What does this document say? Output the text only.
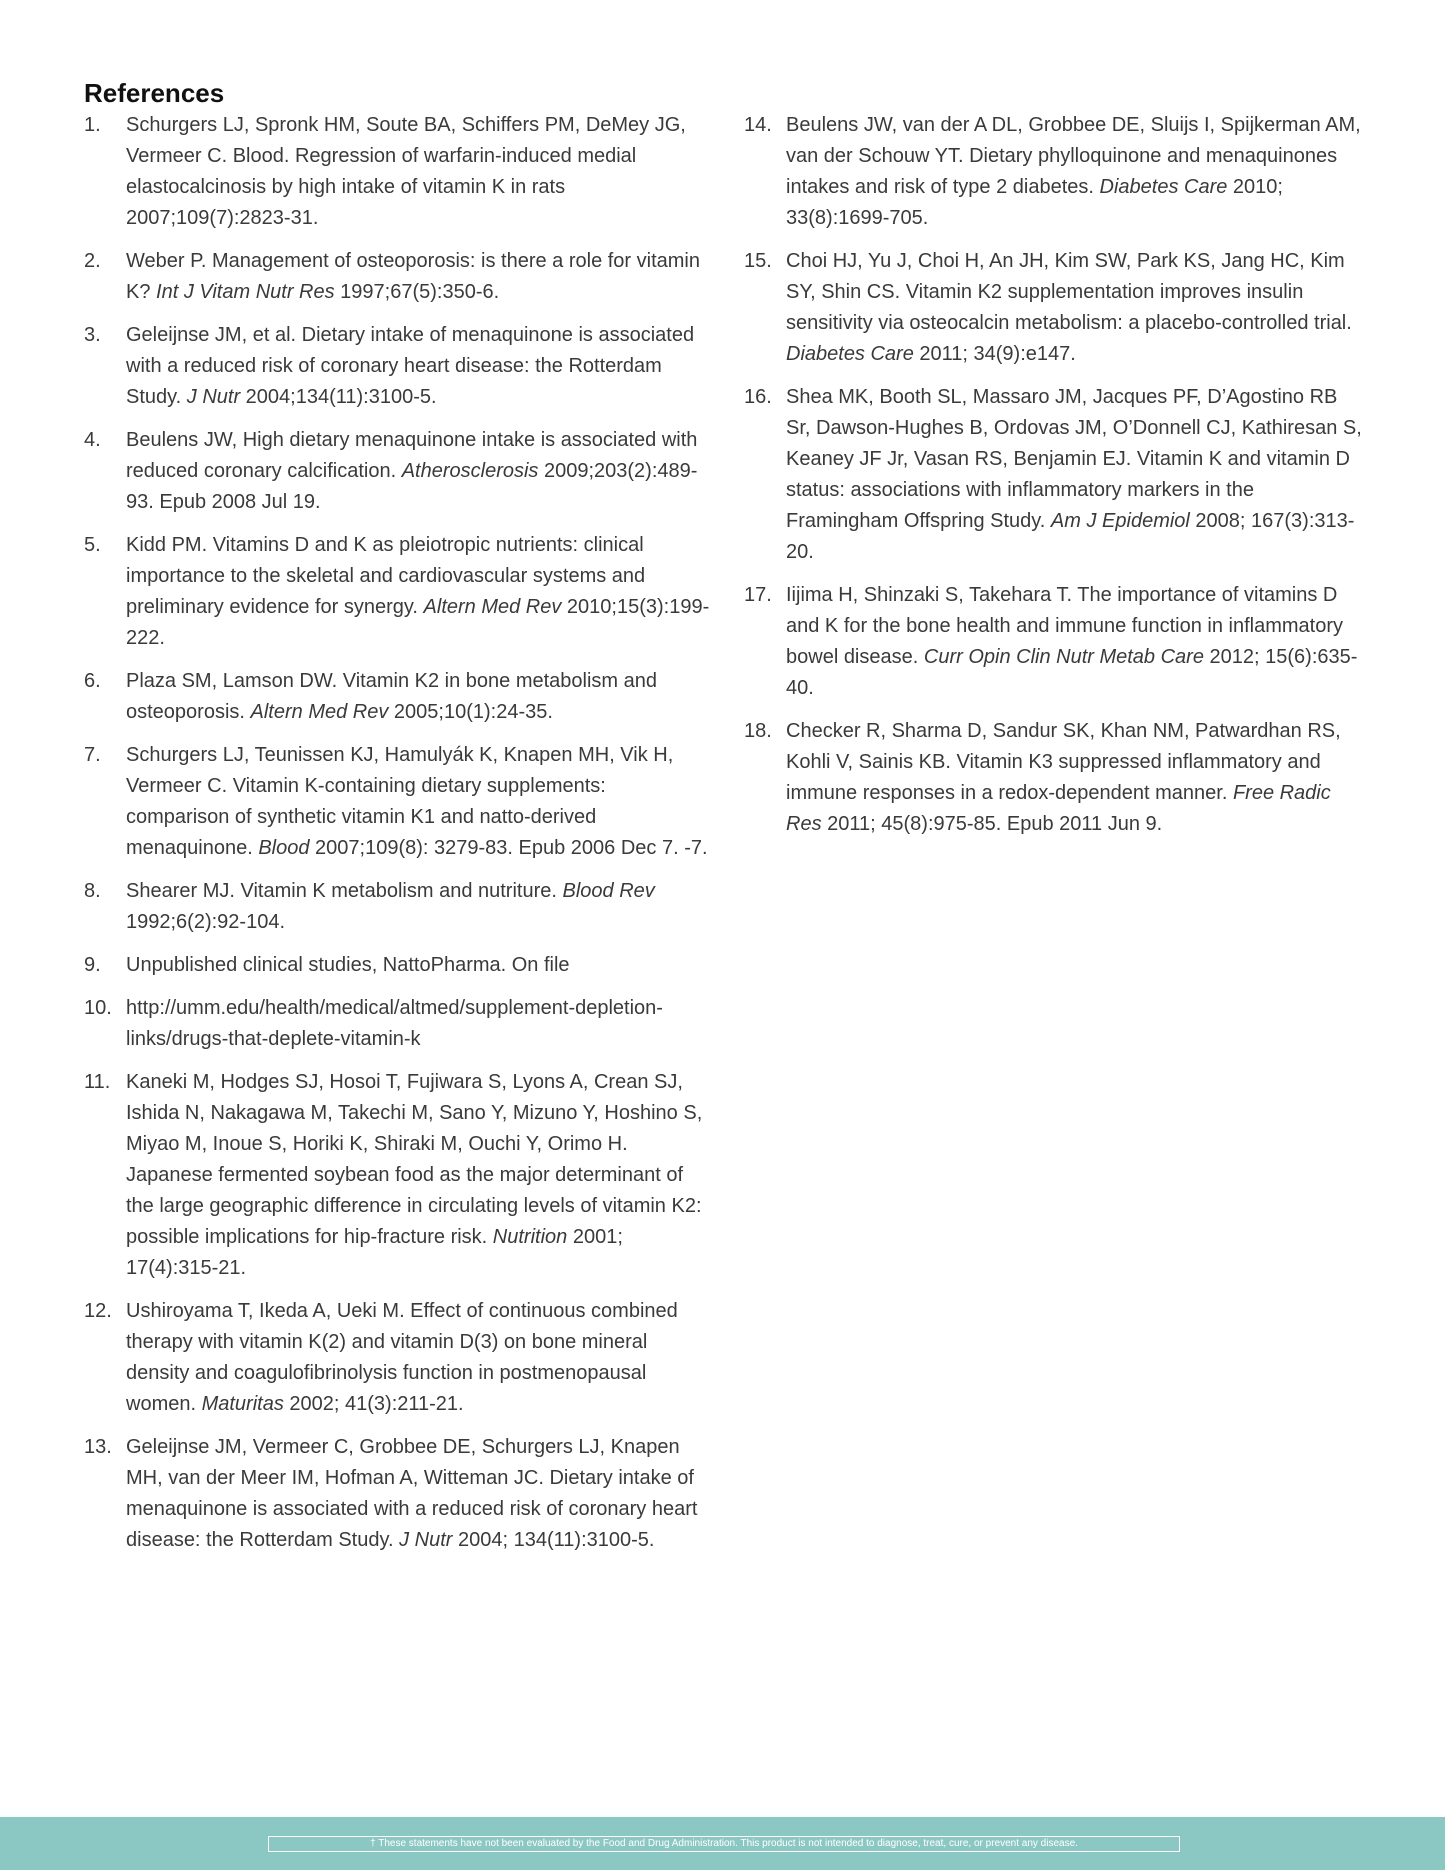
References
1.	Schurgers LJ, Spronk HM, Soute BA, Schiffers PM, DeMey JG, Vermeer C. Blood. Regression of warfarin-induced medial elastocalcinosis by high intake of vitamin K in rats 2007;109(7):2823-31.
2.	Weber P. Management of osteoporosis: is there a role for vitamin K? Int J Vitam Nutr Res 1997;67(5):350-6.
3.	Geleijnse JM, et al. Dietary intake of menaquinone is associated with a reduced risk of coronary heart disease: the Rotterdam Study. J Nutr 2004;134(11):3100-5.
4.	Beulens JW, High dietary menaquinone intake is associated with reduced coronary calcification. Atherosclerosis 2009;203(2):489-93. Epub 2008 Jul 19.
5.	Kidd PM. Vitamins D and K as pleiotropic nutrients: clinical importance to the skeletal and cardiovascular systems and preliminary evidence for synergy. Altern Med Rev 2010;15(3):199-222.
6.	Plaza SM, Lamson DW. Vitamin K2 in bone metabolism and osteoporosis. Altern Med Rev 2005;10(1):24-35.
7.	Schurgers LJ, Teunissen KJ, Hamulyák K, Knapen MH, Vik H, Vermeer C. Vitamin K-containing dietary supplements: comparison of synthetic vitamin K1 and natto-derived menaquinone. Blood 2007;109(8): 3279-83. Epub 2006 Dec 7. -7.
8.	Shearer MJ. Vitamin K metabolism and nutriture. Blood Rev 1992;6(2):92-104.
9.	Unpublished clinical studies, NattoPharma. On file
10. http://umm.edu/health/medical/altmed/supplement-depletion-links/drugs-that-deplete-vitamin-k
11. Kaneki M, Hodges SJ, Hosoi T, Fujiwara S, Lyons A, Crean SJ, Ishida N, Nakagawa M, Takechi M, Sano Y, Mizuno Y, Hoshino S, Miyao M, Inoue S, Horiki K, Shiraki M, Ouchi Y, Orimo H. Japanese fermented soybean food as the major determinant of the large geographic difference in circulating levels of vitamin K2: possible implications for hip-fracture risk. Nutrition 2001; 17(4):315-21.
12. Ushiroyama T, Ikeda A, Ueki M. Effect of continuous combined therapy with vitamin K(2) and vitamin D(3) on bone mineral density and coagulofibrinolysis function in postmenopausal women. Maturitas 2002; 41(3):211-21.
13. Geleijnse JM, Vermeer C, Grobbee DE, Schurgers LJ, Knapen MH, van der Meer IM, Hofman A, Witteman JC. Dietary intake of menaquinone is associated with a reduced risk of coronary heart disease: the Rotterdam Study. J Nutr 2004; 134(11):3100-5.
14. Beulens JW, van der A DL, Grobbee DE, Sluijs I, Spijkerman AM, van der Schouw YT. Dietary phylloquinone and menaquinones intakes and risk of type 2 diabetes. Diabetes Care 2010; 33(8):1699-705.
15. Choi HJ, Yu J, Choi H, An JH, Kim SW, Park KS, Jang HC, Kim SY, Shin CS. Vitamin K2 supplementation improves insulin sensitivity via osteocalcin metabolism: a placebo-controlled trial. Diabetes Care 2011; 34(9):e147.
16. Shea MK, Booth SL, Massaro JM, Jacques PF, D’Agostino RB Sr, Dawson-Hughes B, Ordovas JM, O’Donnell CJ, Kathiresan S, Keaney JF Jr, Vasan RS, Benjamin EJ. Vitamin K and vitamin D status: associations with inflammatory markers in the Framingham Offspring Study. Am J Epidemiol 2008; 167(3):313-20.
17. Iijima H, Shinzaki S, Takehara T. The importance of vitamins D and K for the bone health and immune function in inflammatory bowel disease. Curr Opin Clin Nutr Metab Care 2012; 15(6):635-40.
18. Checker R, Sharma D, Sandur SK, Khan NM, Patwardhan RS, Kohli V, Sainis KB. Vitamin K3 suppressed inflammatory and immune responses in a redox-dependent manner. Free Radic Res 2011; 45(8):975-85. Epub 2011 Jun 9.
† These statements have not been evaluated by the Food and Drug Administration. This product is not intended to diagnose, treat, cure, or prevent any disease.
